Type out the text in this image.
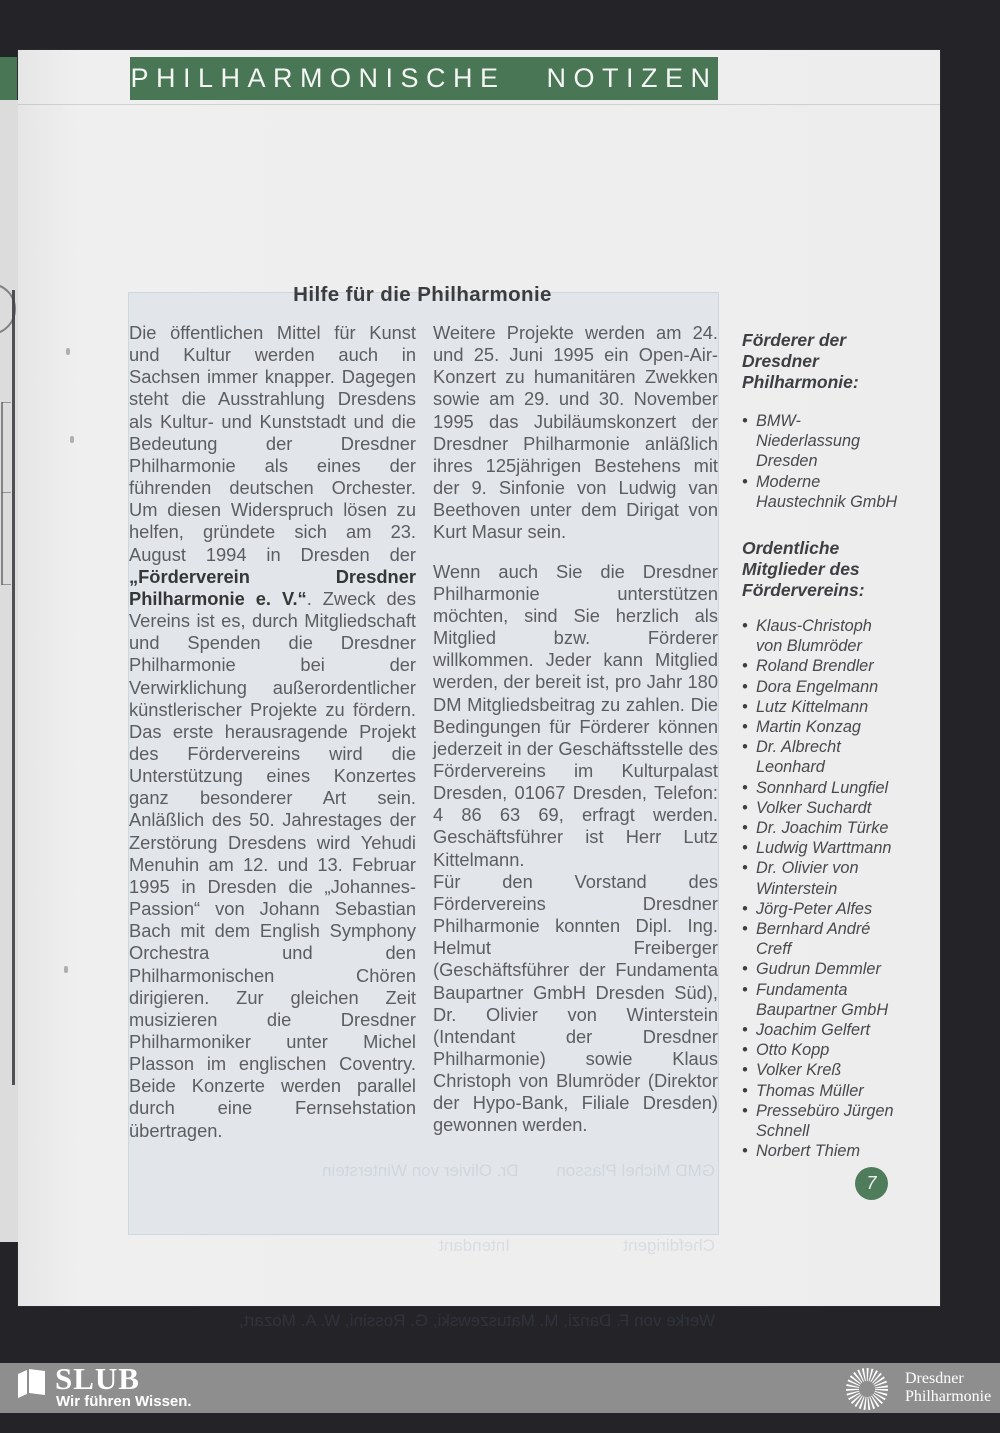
PHILHARMONISCHE NOTIZEN
Hilfe für die Philharmonie

Die öffentlichen Mittel für Kunst und Kultur werden auch in Sachsen immer knapper. Dagegen steht die Ausstrahlung Dresdens als Kultur- und Kunststadt und die Bedeutung der Dresdner Philharmonie als eines der führenden deutschen Orchester. Um diesen Widerspruch lösen zu helfen, gründete sich am 23. August 1994 in Dresden der „Förderverein Dresdner Philharmonie e. V.“. Zweck des Vereins ist es, durch Mitgliedschaft und Spenden die Dresdner Philharmonie bei der Verwirklichung außerordentlicher künstlerischer Projekte zu fördern. Das erste herausragende Projekt des Fördervereins wird die Unterstützung eines Konzertes ganz besonderer Art sein. Anläßlich des 50. Jahrestages der Zerstörung Dresdens wird Yehudi Menuhin am 12. und 13. Februar 1995 in Dresden die „Johannes-Passion“ von Johann Sebastian Bach mit dem English Symphony Orchestra und den Philharmonischen Chören dirigieren. Zur gleichen Zeit musizieren die Dresdner Philharmoniker unter Michel Plasson im englischen Coventry. Beide Konzerte werden parallel durch eine Fernsehstation übertragen.

Weitere Projekte werden am 24. und 25. Juni 1995 ein Open-Air-Konzert zu humanitären Zwekken sowie am 29. und 30. November 1995 das Jubiläumskonzert der Dresdner Philharmonie anläßlich ihres 125jährigen Bestehens mit der 9. Sinfonie von Ludwig van Beethoven unter dem Dirigat von Kurt Masur sein.

Wenn auch Sie die Dresdner Philharmonie unterstützen möchten, sind Sie herzlich als Mitglied bzw. Förderer willkommen. Jeder kann Mitglied werden, der bereit ist, pro Jahr 180 DM Mitgliedsbeitrag zu zahlen. Die Bedingungen für Förderer können jederzeit in der Geschäftsstelle des Fördervereins im Kulturpalast Dresden, 01067 Dresden, Telefon: 4 86 63 69, erfragt werden. Geschäftsführer ist Herr Lutz Kittelmann.

Für den Vorstand des Fördervereins Dresdner Philharmonie konnten Dipl. Ing. Helmut Freiberger (Geschäftsführer der Fundamenta Baupartner GmbH Dresden Süd), Dr. Olivier von Winterstein (Intendant der Dresdner Philharmonie) sowie Klaus Christoph von Blumröder (Direktor der Hypo-Bank, Filiale Dresden) gewonnen werden.

Förderer der Dresdner Philharmonie:
• BMW-Niederlassung Dresden
• Moderne Haustechnik GmbH
Ordentliche Mitglieder des Fördervereins:
• Klaus-Christoph von Blumröder
• Roland Brendler
• Dora Engelmann
• Lutz Kittelmann
• Martin Konzag
• Dr. Albrecht Leonhard
• Sonnhard Lungfiel
• Volker Suchardt
• Dr. Joachim Türke
• Ludwig Warttmann
• Dr. Olivier von Winterstein
• Jörg-Peter Alfes
• Bernhard André Creff
• Gudrun Demmler
• Fundamenta Baupartner GmbH
• Joachim Gelfert
• Otto Kopp
• Volker Kreß
• Thomas Müller
• Pressebüro Jürgen Schnell
• Norbert Thiem
7

GMD Michel Plasson        Dr. Olivier von Winterstein

Chefdirigent                        Intendant

Werke von F. Danzi, M. Matuszewski, G. Rossini, W. A. Mozart,

SLUB
Wir führen Wissen.
Dresdner
Philharmonie
